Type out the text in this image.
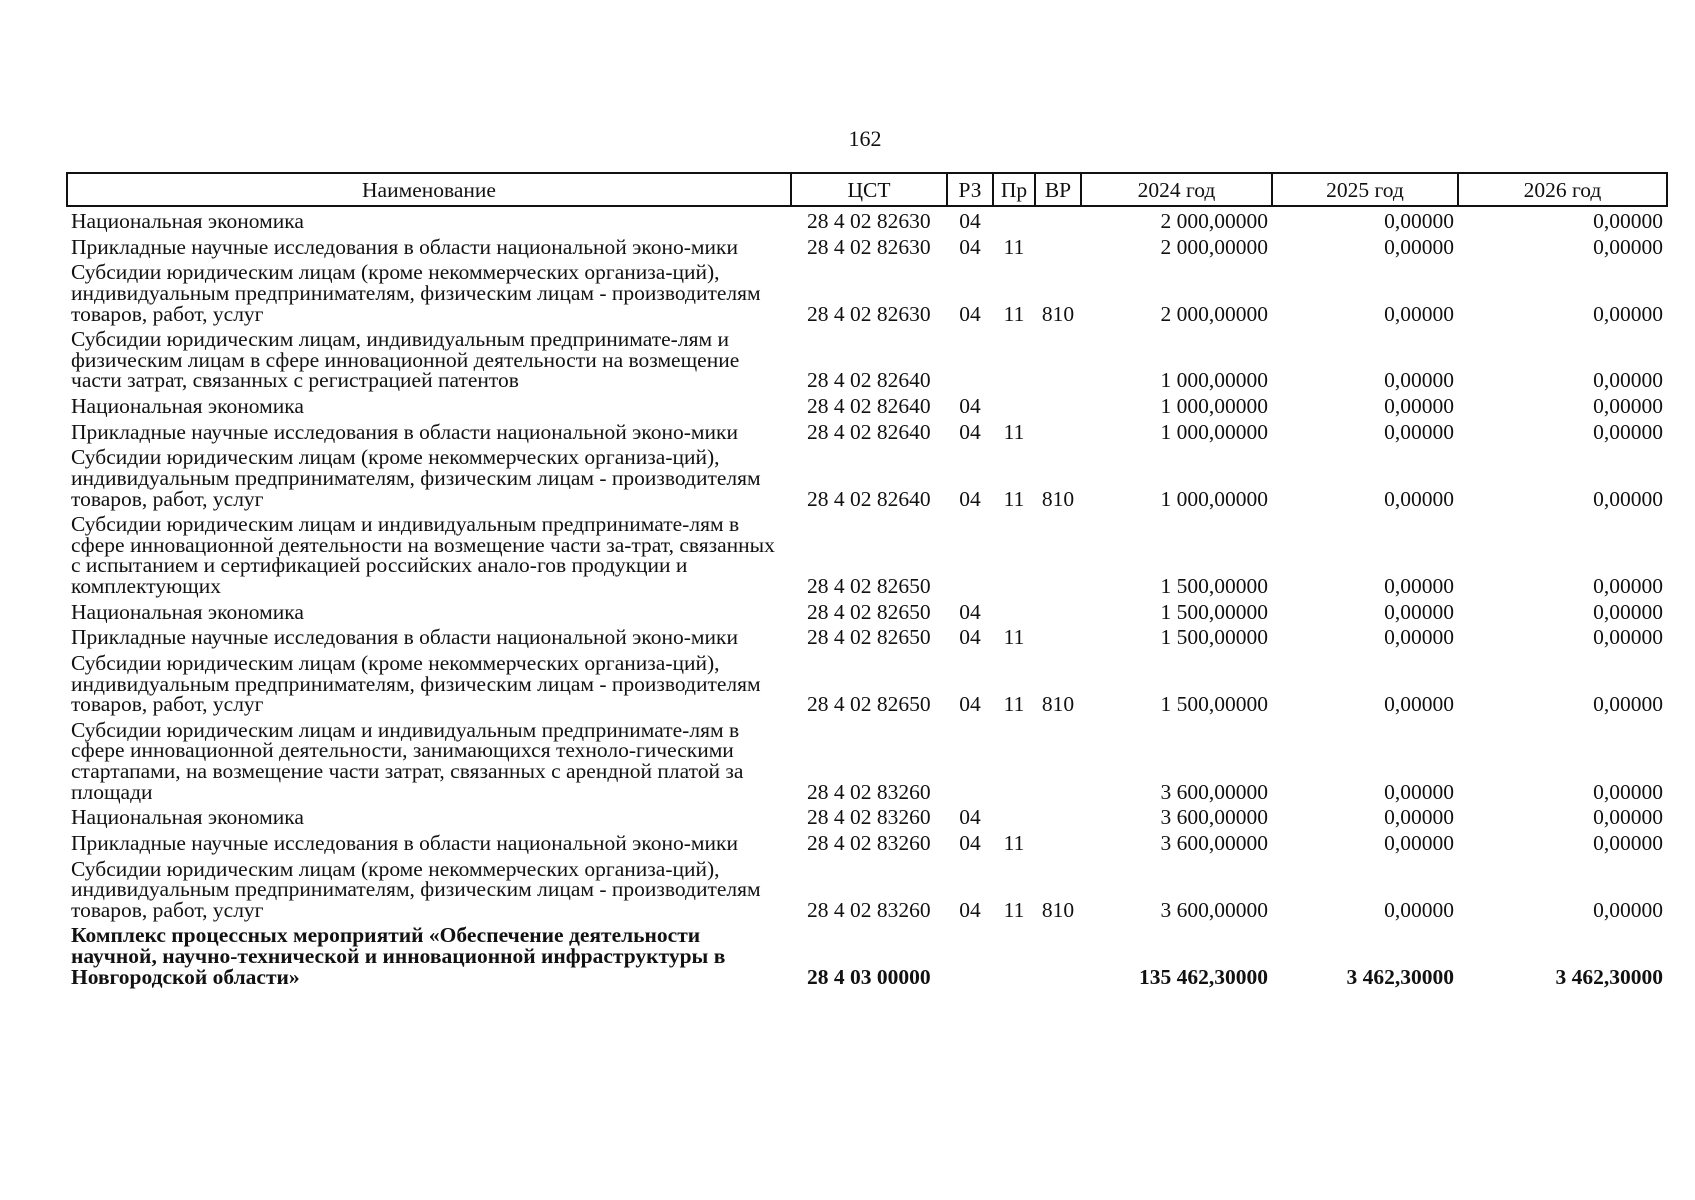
162
Наименование	ЦСТ	РЗ	Пр	ВР	2024 год	2025 год	2026 год
Национальная экономика	28 4 02 82630	04			2 000,00000	0,00000	0,00000
Прикладные научные исследования в области национальной эконо-мики	28 4 02 82630	04	11		2 000,00000	0,00000	0,00000
Субсидии юридическим лицам (кроме некоммерческих организа-ций), индивидуальным предпринимателям, физическим лицам - производителям товаров, работ, услуг	28 4 02 82630	04	11	810	2 000,00000	0,00000	0,00000
Субсидии юридическим лицам, индивидуальным предпринимате-лям и физическим лицам в сфере инновационной деятельности на возмещение части затрат, связанных с регистрацией патентов	28 4 02 82640				1 000,00000	0,00000	0,00000
Национальная экономика	28 4 02 82640	04			1 000,00000	0,00000	0,00000
Прикладные научные исследования в области национальной эконо-мики	28 4 02 82640	04	11		1 000,00000	0,00000	0,00000
Субсидии юридическим лицам (кроме некоммерческих организа-ций), индивидуальным предпринимателям, физическим лицам - производителям товаров, работ, услуг	28 4 02 82640	04	11	810	1 000,00000	0,00000	0,00000
Субсидии юридическим лицам и индивидуальным предпринимате-лям в сфере инновационной деятельности на возмещение части за-трат, связанных с испытанием и сертификацией российских анало-гов продукции и комплектующих	28 4 02 82650				1 500,00000	0,00000	0,00000
Национальная экономика	28 4 02 82650	04			1 500,00000	0,00000	0,00000
Прикладные научные исследования в области национальной эконо-мики	28 4 02 82650	04	11		1 500,00000	0,00000	0,00000
Субсидии юридическим лицам (кроме некоммерческих организа-ций), индивидуальным предпринимателям, физическим лицам - производителям товаров, работ, услуг	28 4 02 82650	04	11	810	1 500,00000	0,00000	0,00000
Субсидии юридическим лицам и индивидуальным предпринимате-лям в сфере инновационной деятельности, занимающихся техноло-гическими стартапами, на возмещение части затрат, связанных с арендной платой за площади	28 4 02 83260				3 600,00000	0,00000	0,00000
Национальная экономика	28 4 02 83260	04			3 600,00000	0,00000	0,00000
Прикладные научные исследования в области национальной эконо-мики	28 4 02 83260	04	11		3 600,00000	0,00000	0,00000
Субсидии юридическим лицам (кроме некоммерческих организа-ций), индивидуальным предпринимателям, физическим лицам - производителям товаров, работ, услуг	28 4 02 83260	04	11	810	3 600,00000	0,00000	0,00000
Комплекс процессных мероприятий «Обеспечение деятельности научной, научно-технической и инновационной инфраструктуры в Новгородской области»	28 4 03 00000				135 462,30000	3 462,30000	3 462,30000
